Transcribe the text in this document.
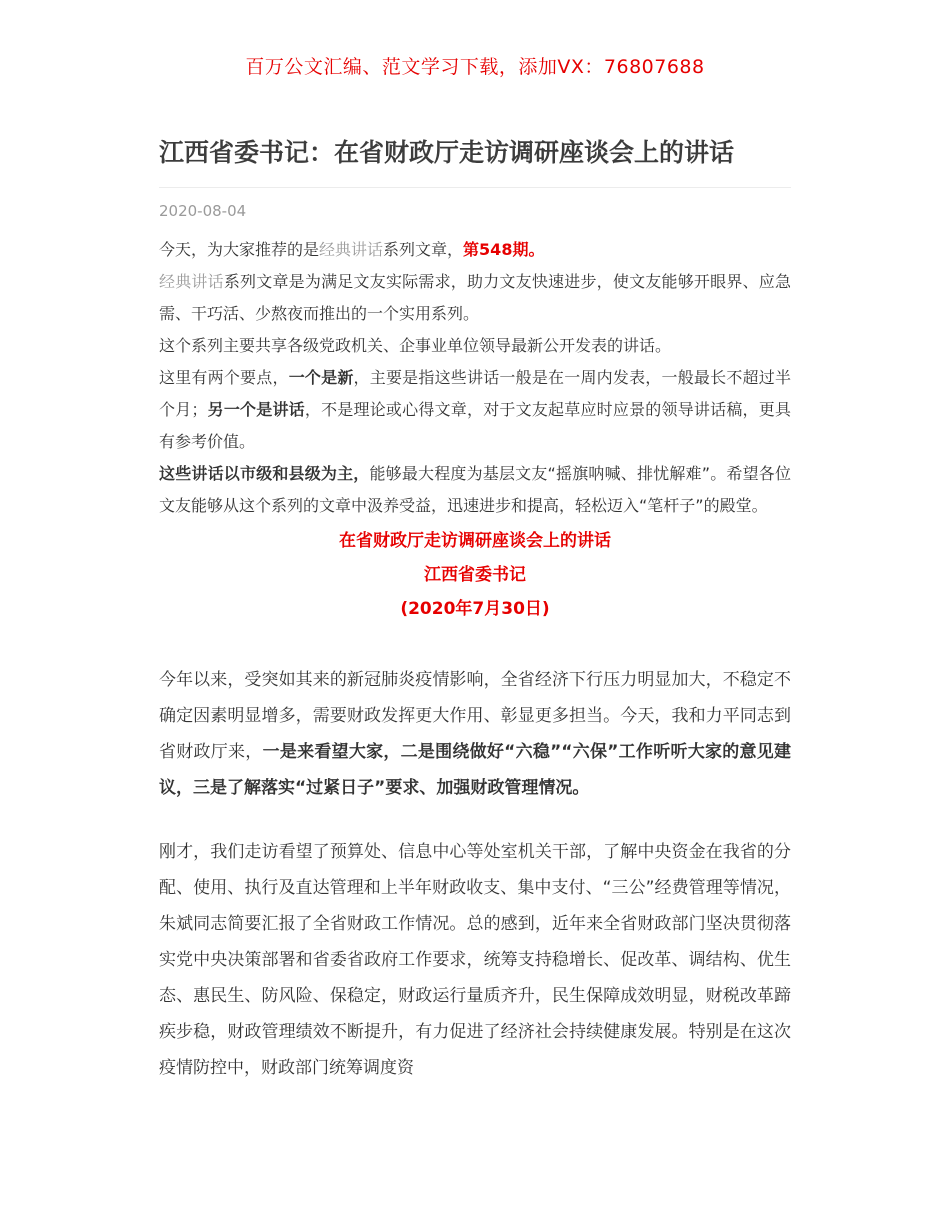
百万公文汇编、范文学习下载，添加VX：76807688
江西省委书记：在省财政厅走访调研座谈会上的讲话
2020-08-04

今天，为大家推荐的是经典讲话系列文章，第548期。

经典讲话系列文章是为满足文友实际需求，助力文友快速进步，使文友能够开眼界、应急需、干巧活、少熬夜而推出的一个实用系列。

这个系列主要共享各级党政机关、企事业单位领导最新公开发表的讲话。

这里有两个要点，一个是新，主要是指这些讲话一般是在一周内发表，一般最长不超过半个月；另一个是讲话，不是理论或心得文章，对于文友起草应时应景的领导讲话稿，更具有参考价值。

这些讲话以市级和县级为主，能够最大程度为基层文友“摇旗呐喊、排忧解难”。希望各位文友能够从这个系列的文章中汲养受益，迅速进步和提高，轻松迈入“笔杆子”的殿堂。

在省财政厅走访调研座谈会上的讲话

江西省委书记

(2020年7月30日)

今年以来，受突如其来的新冠肺炎疫情影响，全省经济下行压力明显加大，不稳定不确定因素明显增多，需要财政发挥更大作用、彰显更多担当。今天，我和力平同志到省财政厅来，一是来看望大家，二是围绕做好“六稳”“六保”工作听听大家的意见建议，三是了解落实“过紧日子”要求、加强财政管理情况。

刚才，我们走访看望了预算处、信息中心等处室机关干部，了解中央资金在我省的分配、使用、执行及直达管理和上半年财政收支、集中支付、“三公”经费管理等情况，朱斌同志简要汇报了全省财政工作情况。总的感到，近年来全省财政部门坚决贯彻落实党中央决策部署和省委省政府工作要求，统筹支持稳增长、促改革、调结构、优生态、惠民生、防风险、保稳定，财政运行量质齐升，民生保障成效明显，财税改革蹄疾步稳，财政管理绩效不断提升，有力促进了经济社会持续健康发展。特别是在这次疫情防控中，财政部门统筹调度资
